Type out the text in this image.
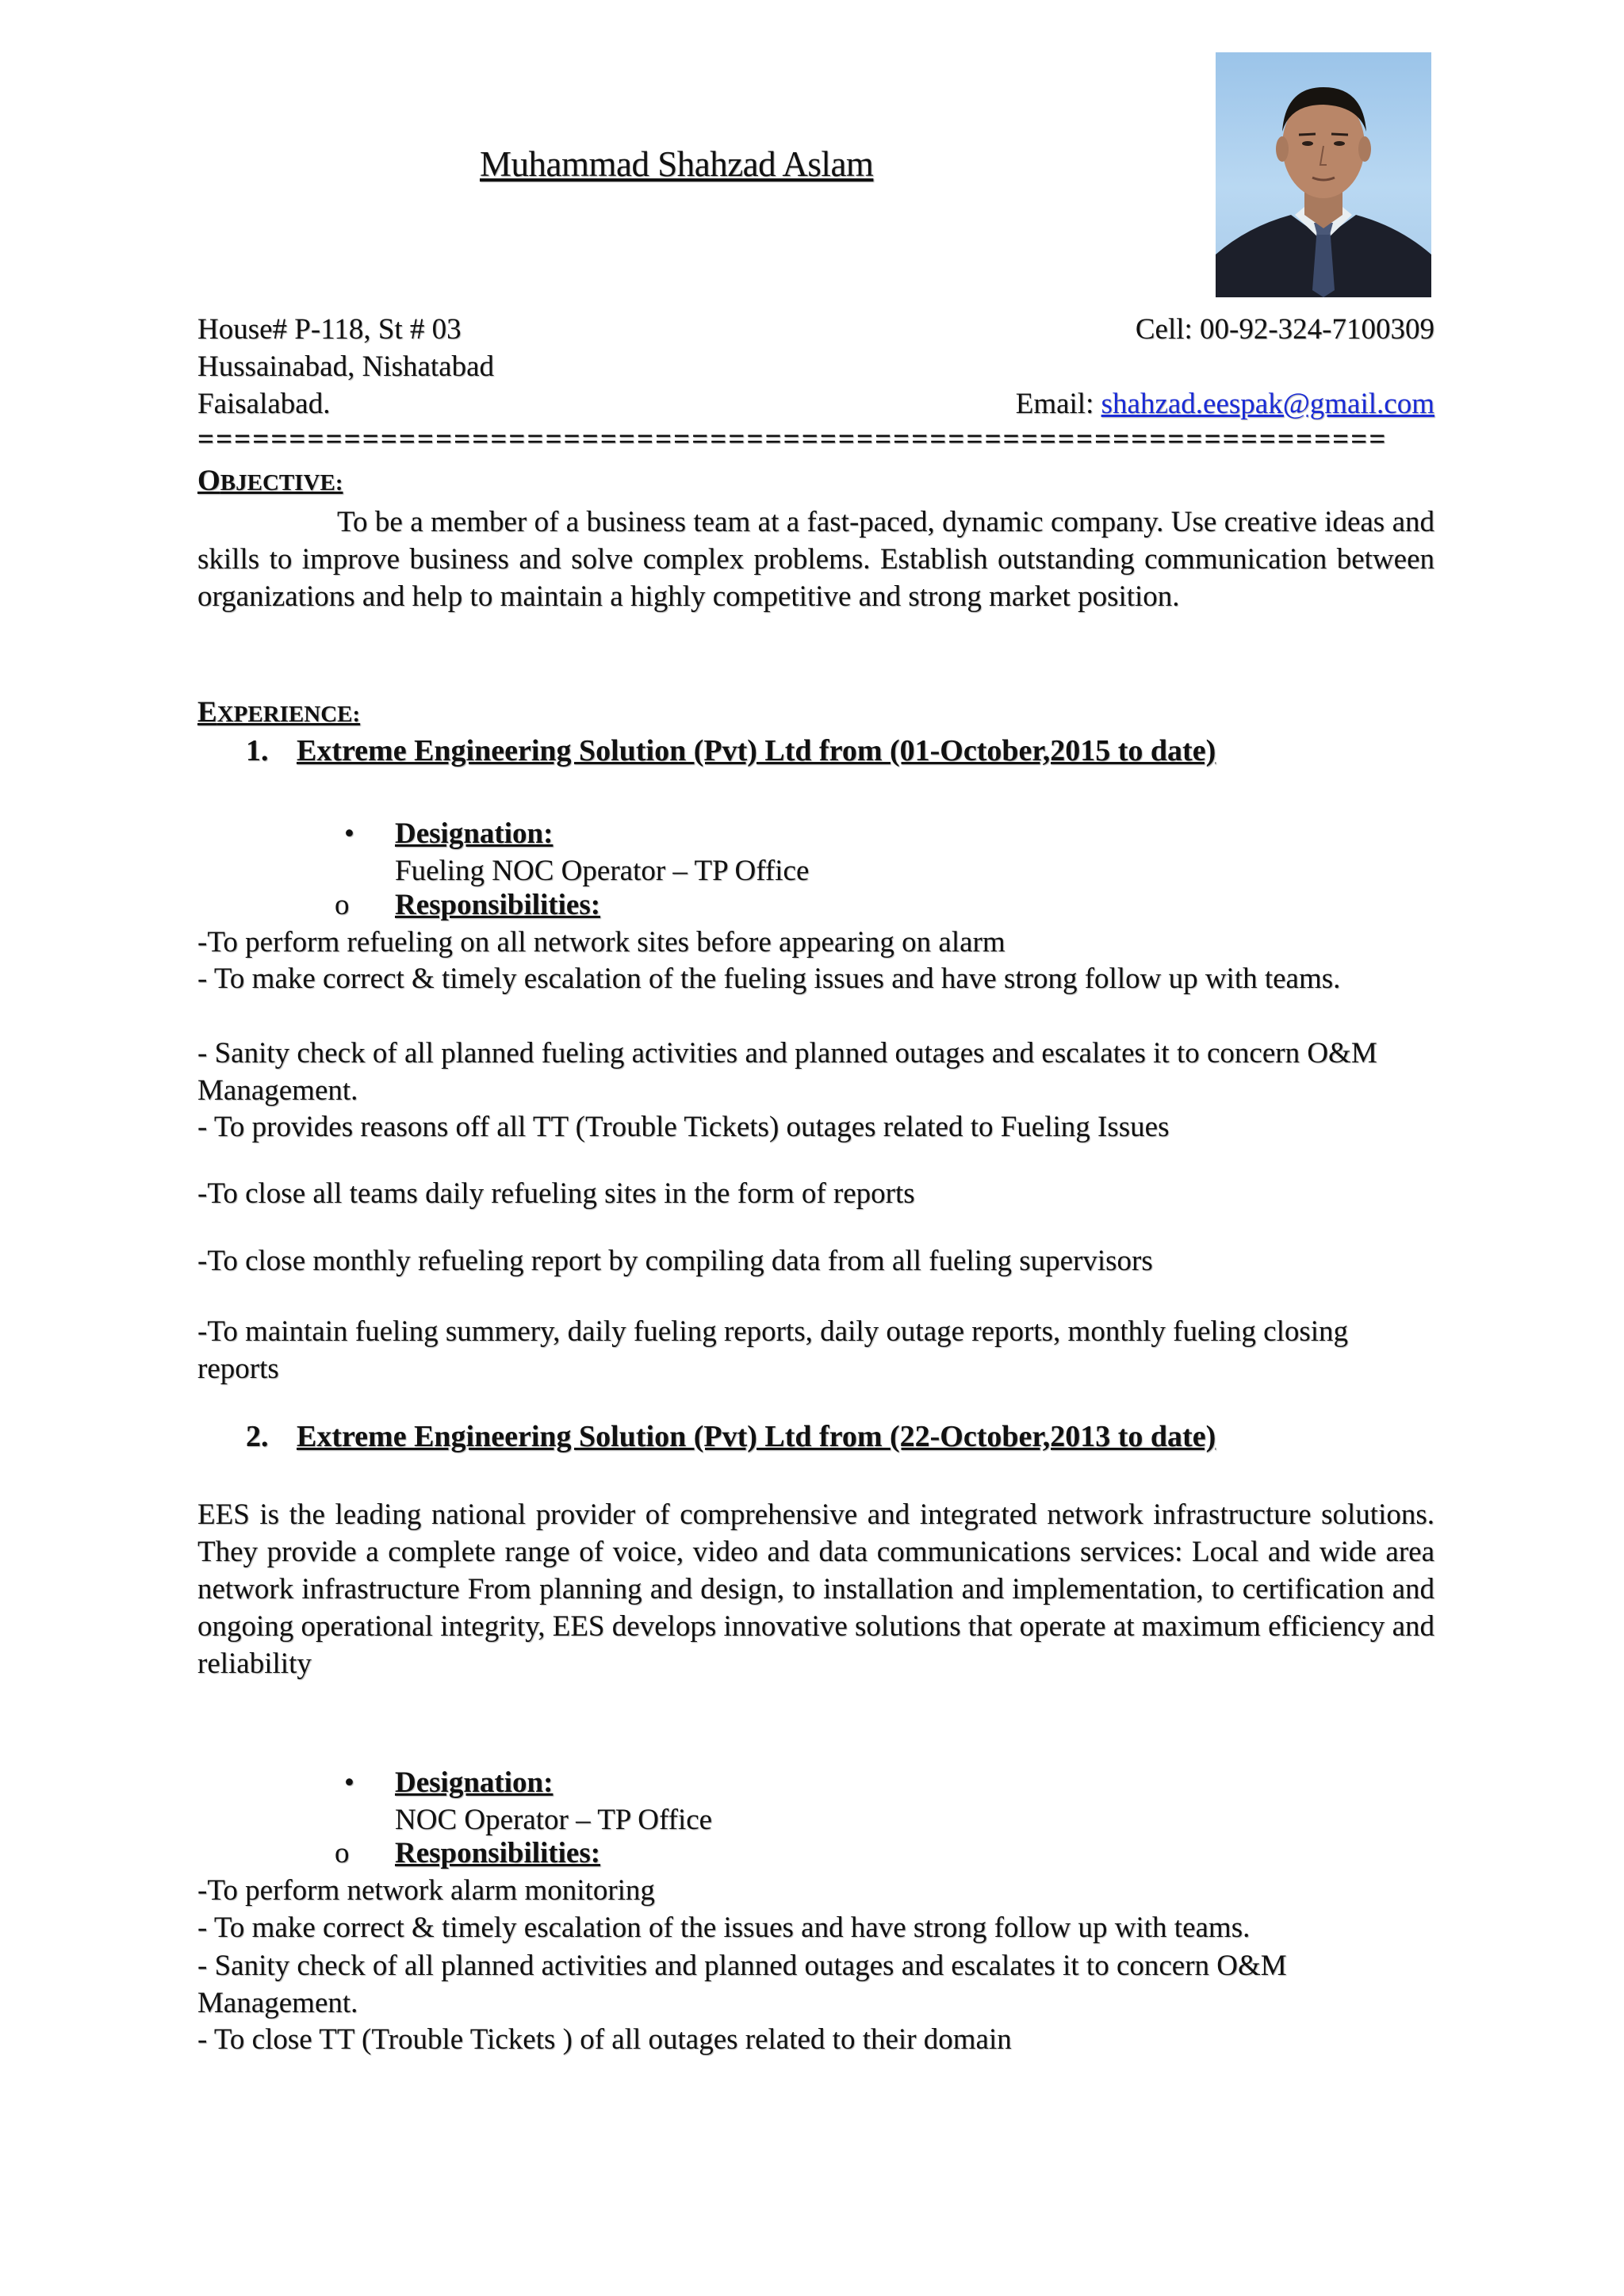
Muhammad Shahzad Aslam
House# P-118, St # 03	Cell: 00-92-324-7100309
Hussainabad, Nishatabad
Faisalabad.	Email: shahzad.eespak@gmail.com
=================================================================
OBJECTIVE:
To be a member of a business team at a fast-paced, dynamic company. Use creative ideas and skills to improve business and solve complex problems. Establish outstanding communication between organizations and help to maintain a highly competitive and strong market position.
EXPERIENCE:
1. Extreme Engineering Solution (Pvt) Ltd from (01-October,2015 to date)
•	Designation:
Fueling NOC Operator – TP Office
o	Responsibilities:
-To perform refueling on all network sites before appearing on alarm
- To make correct & timely escalation of the fueling issues and have strong follow up with teams.
- Sanity check of all planned fueling activities and planned outages and escalates it to concern O&M Management.
- To provides reasons off all TT (Trouble Tickets) outages related to Fueling Issues
-To close all teams daily refueling sites in the form of reports
-To close monthly refueling report by compiling data from all fueling supervisors
-To maintain fueling summery, daily fueling reports, daily outage reports, monthly fueling closing reports
2. Extreme Engineering Solution (Pvt) Ltd from (22-October,2013 to date)
EES is the leading national provider of comprehensive and integrated network infrastructure solutions. They provide a complete range of voice, video and data communications services: Local and wide area network infrastructure From planning and design, to installation and implementation, to certification and ongoing operational integrity, EES develops innovative solutions that operate at maximum efficiency and reliability
•	Designation:
NOC Operator – TP Office
o	Responsibilities:
-To perform network alarm monitoring
- To make correct & timely escalation of the issues and have strong follow up with teams.
- Sanity check of all planned activities and planned outages and escalates it to concern O&M Management.
- To close TT (Trouble Tickets ) of all outages related to their domain
